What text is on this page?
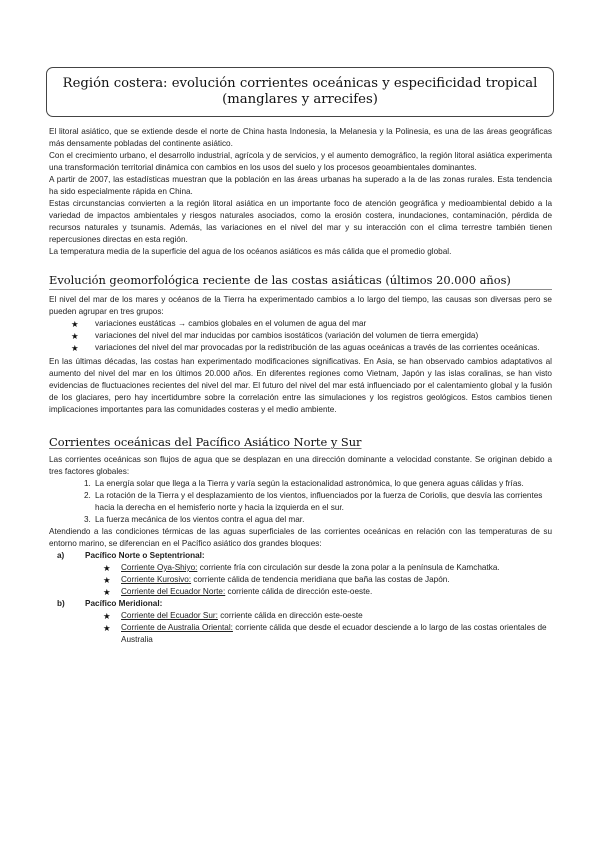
Región costera: evolución corrientes oceánicas y especificidad tropical
(manglares y arrecifes)

El litoral asiático, que se extiende desde el norte de China hasta Indonesia, la Melanesia y la Polinesia, es una de las áreas geográficas más densamente pobladas del continente asiático.

Con el crecimiento urbano, el desarrollo industrial, agrícola y de servicios, y el aumento demográfico, la región litoral asiática experimenta una transformación territorial dinámica con cambios en los usos del suelo y los procesos geoambientales dominantes.

A partir de 2007, las estadísticas muestran que la población en las áreas urbanas ha superado a la de las zonas rurales. Esta tendencia ha sido especialmente rápida en China.

Estas circunstancias convierten a la región litoral asiática en un importante foco de atención geográfica y medioambiental debido a la variedad de impactos ambientales y riesgos naturales asociados, como la erosión costera, inundaciones, contaminación, pérdida de recursos naturales y tsunamis. Además, las variaciones en el nivel del mar y su interacción con el clima terrestre también tienen repercusiones directas en esta región.

La temperatura media de la superficie del agua de los océanos asiáticos es más cálida que el promedio global.

Evolución geomorfológica reciente de las costas asiáticas (últimos 20.000 años)

El nivel del mar de los mares y océanos de la Tierra ha experimentado cambios a lo largo del tiempo, las causas son diversas pero se pueden agrupar en tres grupos:

★ variaciones eustáticas → cambios globales en el volumen de agua del mar
★ variaciones del nivel del mar inducidas por cambios isostáticos (variación del volumen de tierra emergida)
★ variaciones del nivel del mar provocadas por la redistribución de las aguas oceánicas a través de las corrientes oceánicas.

En las últimas décadas, las costas han experimentado modificaciones significativas. En Asia, se han observado cambios adaptativos al aumento del nivel del mar en los últimos 20.000 años. En diferentes regiones como Vietnam, Japón y las islas coralinas, se han visto evidencias de fluctuaciones recientes del nivel del mar. El futuro del nivel del mar está influenciado por el calentamiento global y la fusión de los glaciares, pero hay incertidumbre sobre la correlación entre las simulaciones y los registros geológicos. Estos cambios tienen implicaciones importantes para las comunidades costeras y el medio ambiente.

Corrientes oceánicas del Pacífico Asiático Norte y Sur

Las corrientes oceánicas son flujos de agua que se desplazan en una dirección dominante a velocidad constante. Se originan debido a tres factores globales:

1. La energía solar que llega a la Tierra y varía según la estacionalidad astronómica, lo que genera aguas cálidas y frías.
2. La rotación de la Tierra y el desplazamiento de los vientos, influenciados por la fuerza de Coriolis, que desvía las corrientes hacia la derecha en el hemisferio norte y hacia la izquierda en el sur.
3. La fuerza mecánica de los vientos contra el agua del mar.

Atendiendo a las condiciones térmicas de las aguas superficiales de las corrientes oceánicas en relación con las temperaturas de su entorno marino, se diferencian en el Pacífico asiático dos grandes bloques:

a)	Pacífico Norte o Septentrional:
★ Corriente Oya-Shiyo: corriente fría con circulación sur desde la zona polar a la península de Kamchatka.
★ Corriente Kurosivo: corriente cálida de tendencia meridiana que baña las costas de Japón.
★ Corriente del Ecuador Norte: corriente cálida de dirección este-oeste.
b) Pacífico Meridional:
★ Corriente del Ecuador Sur: corriente cálida en dirección este-oeste
★ Corriente de Australia Oriental: corriente cálida que desde el ecuador desciende a lo largo de las costas orientales de Australia
